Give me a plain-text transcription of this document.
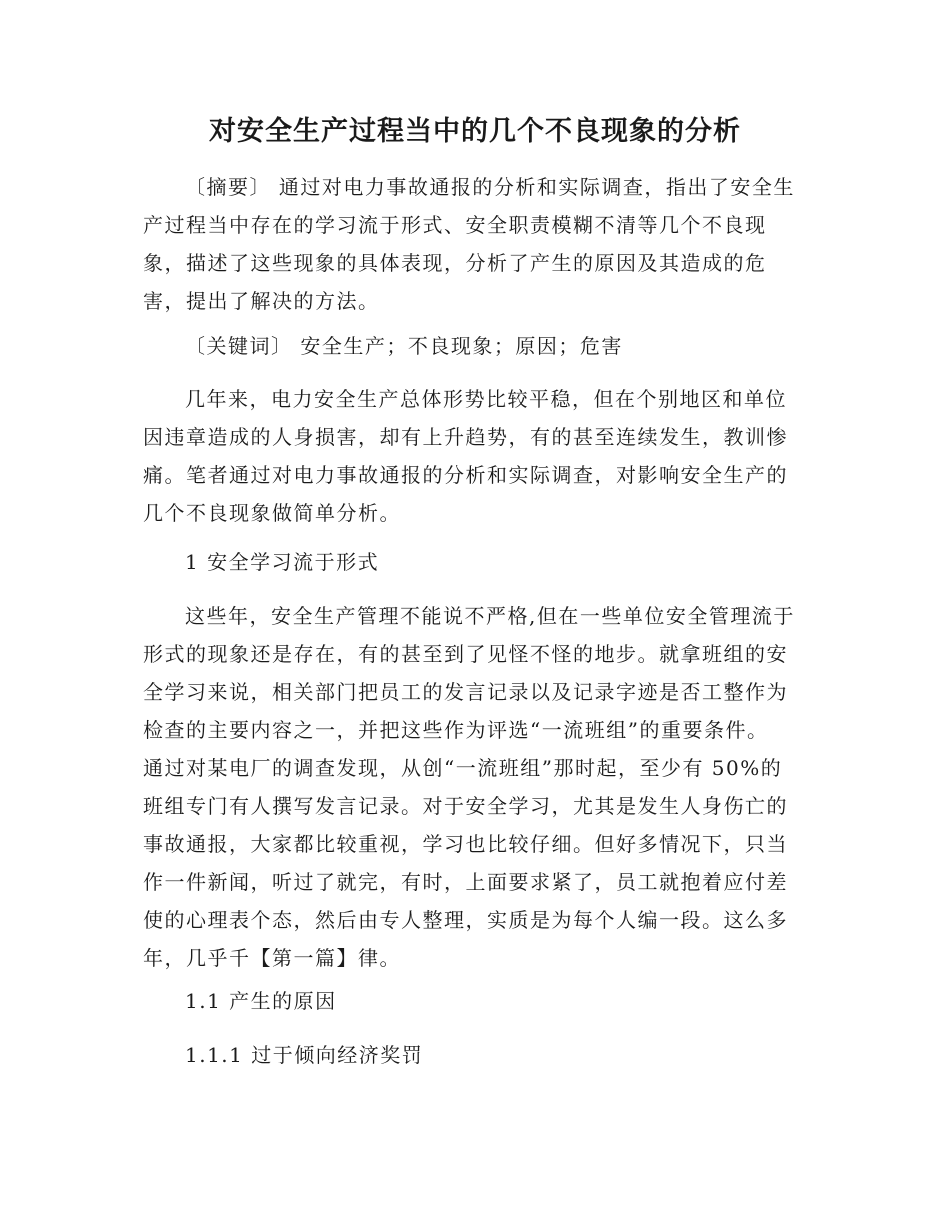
对安全生产过程当中的几个不良现象的分析
〔摘要〕 通过对电力事故通报的分析和实际调查，指出了安全生
产过程当中存在的学习流于形式、安全职责模糊不清等几个不良现
象，描述了这些现象的具体表现，分析了产生的原因及其造成的危
害，提出了解决的方法。
〔关键词〕 安全生产；不良现象；原因；危害
几年来，电力安全生产总体形势比较平稳，但在个别地区和单位
因违章造成的人身损害，却有上升趋势，有的甚至连续发生，教训惨
痛。笔者通过对电力事故通报的分析和实际调查，对影响安全生产的
几个不良现象做简单分析。
1 安全学习流于形式
这些年，安全生产管理不能说不严格,但在一些单位安全管理流于
形式的现象还是存在，有的甚至到了见怪不怪的地步。就拿班组的安
全学习来说，相关部门把员工的发言记录以及记录字迹是否工整作为
检查的主要内容之一，并把这些作为评选“一流班组”的重要条件。
通过对某电厂的调查发现，从创“一流班组”那时起，至少有 50%的
班组专门有人撰写发言记录。对于安全学习，尤其是发生人身伤亡的
事故通报，大家都比较重视，学习也比较仔细。但好多情况下，只当
作一件新闻，听过了就完，有时，上面要求紧了，员工就抱着应付差
使的心理表个态，然后由专人整理，实质是为每个人编一段。这么多
年，几乎千【第一篇】律。
1.1 产生的原因
1.1.1 过于倾向经济奖罚
